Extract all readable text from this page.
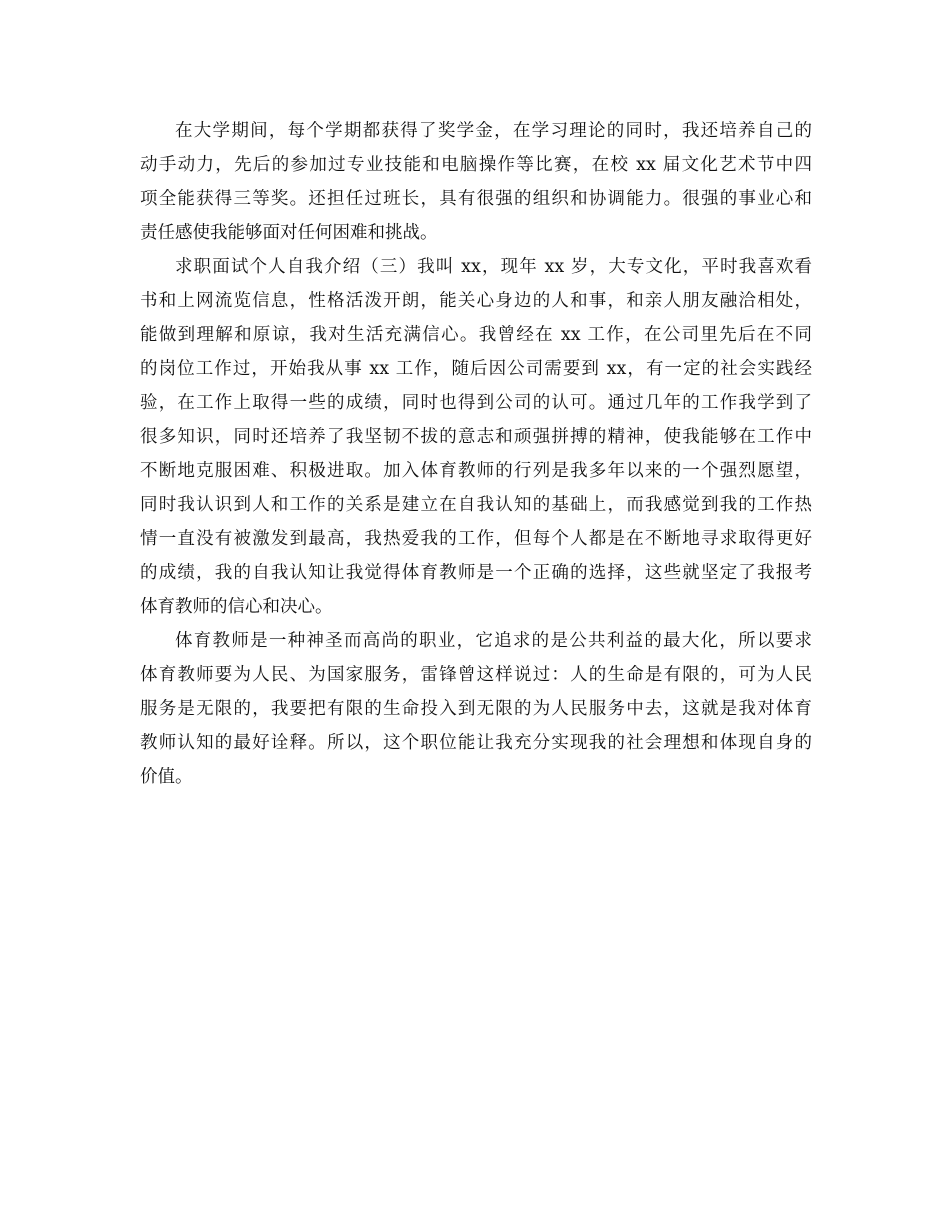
在大学期间，每个学期都获得了奖学金，在学习理论的同时，我还培养自己的
动手动力，先后的参加过专业技能和电脑操作等比赛，在校 xx 届文化艺术节中四
项全能获得三等奖。还担任过班长，具有很强的组织和协调能力。很强的事业心和
责任感使我能够面对任何困难和挑战。
求职面试个人自我介绍（三）我叫 xx，现年 xx 岁，大专文化，平时我喜欢看
书和上网流览信息，性格活泼开朗，能关心身边的人和事，和亲人朋友融洽相处，
能做到理解和原谅，我对生活充满信心。我曾经在 xx 工作，在公司里先后在不同
的岗位工作过，开始我从事 xx 工作，随后因公司需要到 xx，有一定的社会实践经
验，在工作上取得一些的成绩，同时也得到公司的认可。通过几年的工作我学到了
很多知识，同时还培养了我坚韧不拔的意志和顽强拼搏的精神，使我能够在工作中
不断地克服困难、积极进取。加入体育教师的行列是我多年以来的一个强烈愿望，
同时我认识到人和工作的关系是建立在自我认知的基础上，而我感觉到我的工作热
情一直没有被激发到最高，我热爱我的工作，但每个人都是在不断地寻求取得更好
的成绩，我的自我认知让我觉得体育教师是一个正确的选择，这些就坚定了我报考
体育教师的信心和决心。
体育教师是一种神圣而高尚的职业，它追求的是公共利益的最大化，所以要求
体育教师要为人民、为国家服务，雷锋曾这样说过：人的生命是有限的，可为人民
服务是无限的，我要把有限的生命投入到无限的为人民服务中去，这就是我对体育
教师认知的最好诠释。所以，这个职位能让我充分实现我的社会理想和体现自身的
价值。
